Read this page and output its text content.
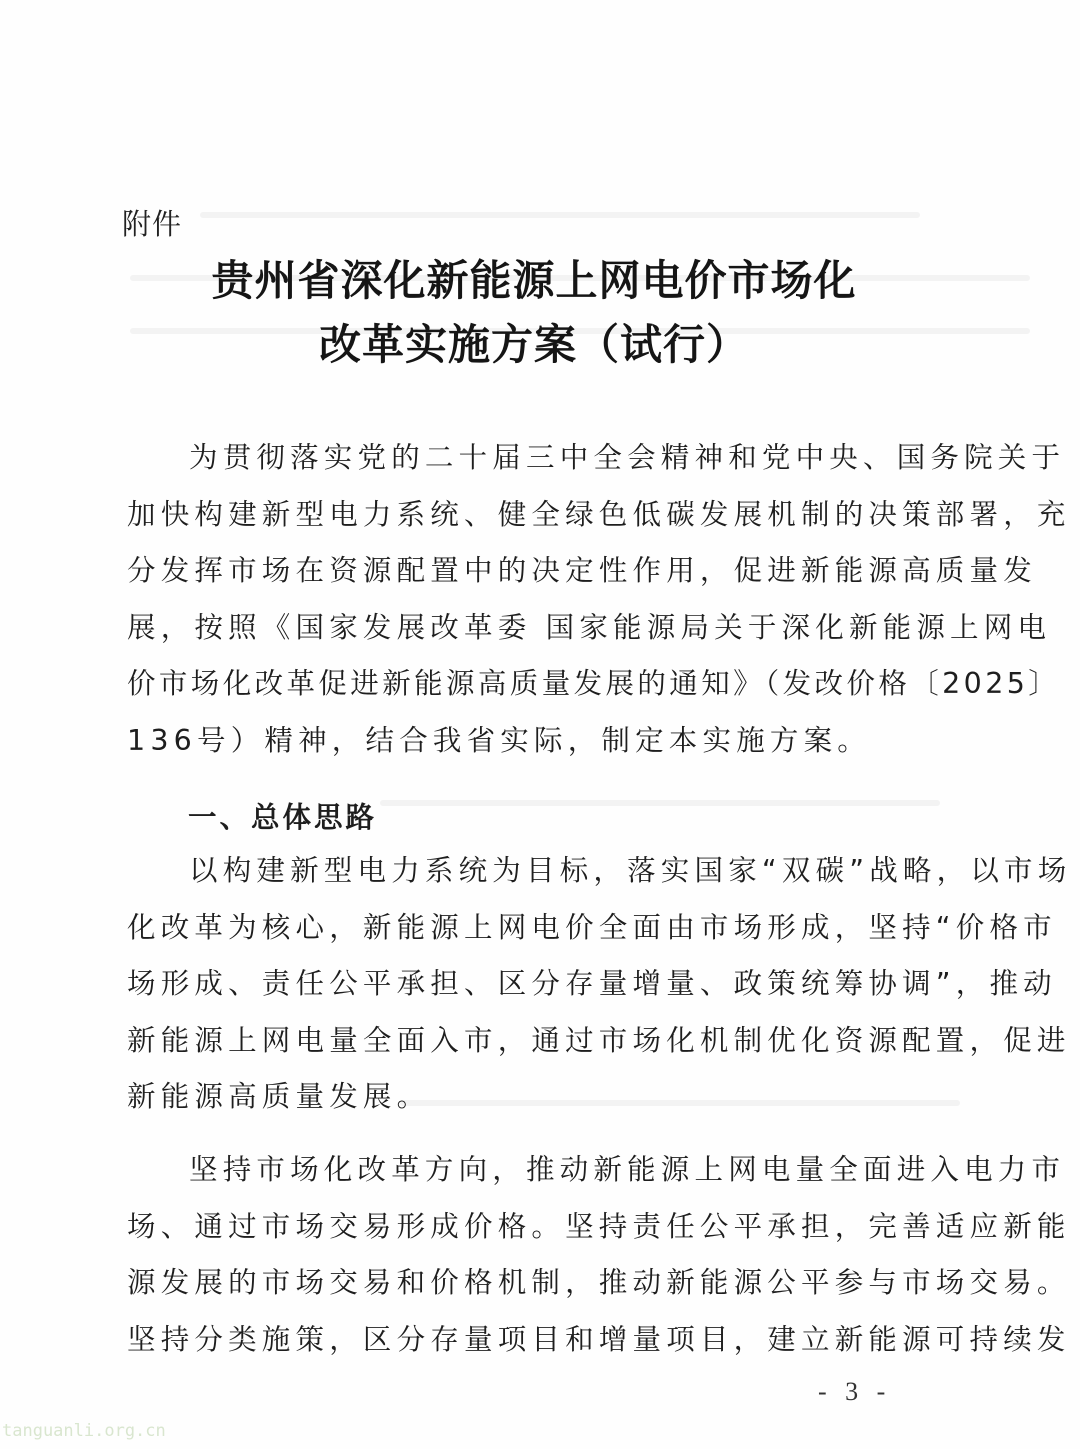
附件
贵州省深化新能源上网电价市场化
改革实施方案（试行）
为贯彻落实党的二十届三中全会精神和党中央、国务院关于
加快构建新型电力系统、健全绿色低碳发展机制的决策部署，充
分发挥市场在资源配置中的决定性作用，促进新能源高质量发
展，按照《国家发展改革委 国家能源局关于深化新能源上网电
价市场化改革促进新能源高质量发展的通知》（发改价格〔2025〕
136号）精神，结合我省实际，制定本实施方案。
一、总体思路
以构建新型电力系统为目标，落实国家“双碳”战略，以市场
化改革为核心，新能源上网电价全面由市场形成，坚持“价格市
场形成、责任公平承担、区分存量增量、政策统筹协调”，推动
新能源上网电量全面入市，通过市场化机制优化资源配置，促进
新能源高质量发展。
坚持市场化改革方向，推动新能源上网电量全面进入电力市
场、通过市场交易形成价格。坚持责任公平承担，完善适应新能
源发展的市场交易和价格机制，推动新能源公平参与市场交易。
坚持分类施策，区分存量项目和增量项目，建立新能源可持续发
- 3 -
tanguanli.org.cn
